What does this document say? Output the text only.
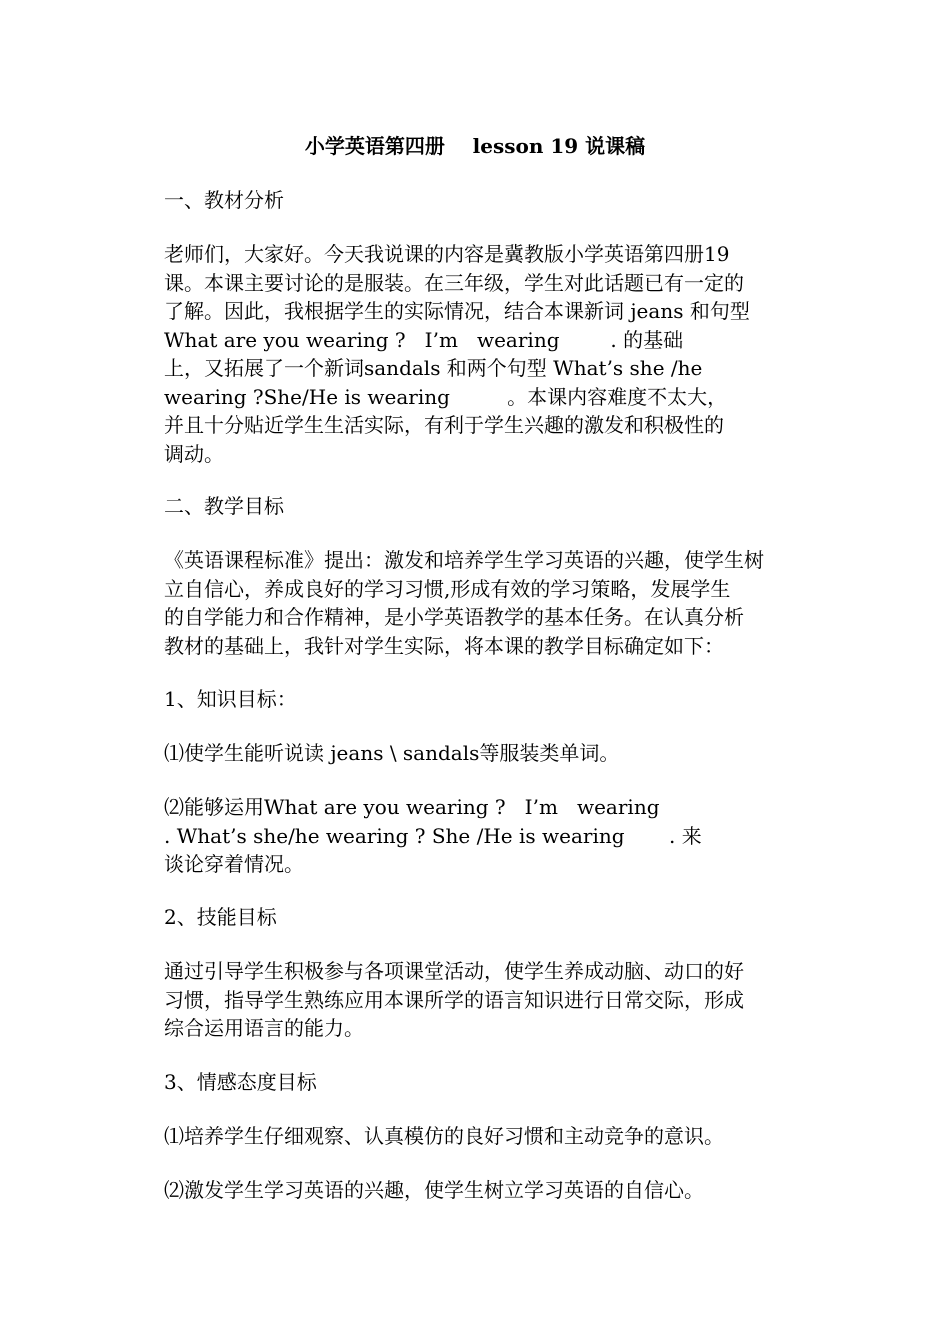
小学英语第四册    lesson 19 说课稿
一、教材分析
老师们，大家好。今天我说课的内容是冀教版小学英语第四册19
课。本课主要讨论的是服装。在三年级，学生对此话题已有一定的
了解。因此，我根据学生的实际情况，结合本课新词 jeans 和句型
What are you wearing ?   I’m   wearing        . 的基础
上，又拓展了一个新词sandals 和两个句型 What’s she /he
wearing ?She/He is wearing         。本课内容难度不太大，
并且十分贴近学生生活实际，有利于学生兴趣的激发和积极性的
调动。
二、教学目标
《英语课程标准》提出：激发和培养学生学习英语的兴趣，使学生树
立自信心，养成良好的学习习惯,形成有效的学习策略，发展学生
的自学能力和合作精神，是小学英语教学的基本任务。在认真分析
教材的基础上，我针对学生实际，将本课的教学目标确定如下：
1、知识目标：
⑴使学生能听说读 jeans \ sandals等服装类单词。
⑵能够运用What are you wearing ?   I’m   wearing
. What’s she/he wearing ? She /He is wearing       . 来
谈论穿着情况。
2、技能目标
通过引导学生积极参与各项课堂活动，使学生养成动脑、动口的好
习惯，指导学生熟练应用本课所学的语言知识进行日常交际，形成
综合运用语言的能力。
3、情感态度目标
⑴培养学生仔细观察、认真模仿的良好习惯和主动竞争的意识。
⑵激发学生学习英语的兴趣，使学生树立学习英语的自信心。
